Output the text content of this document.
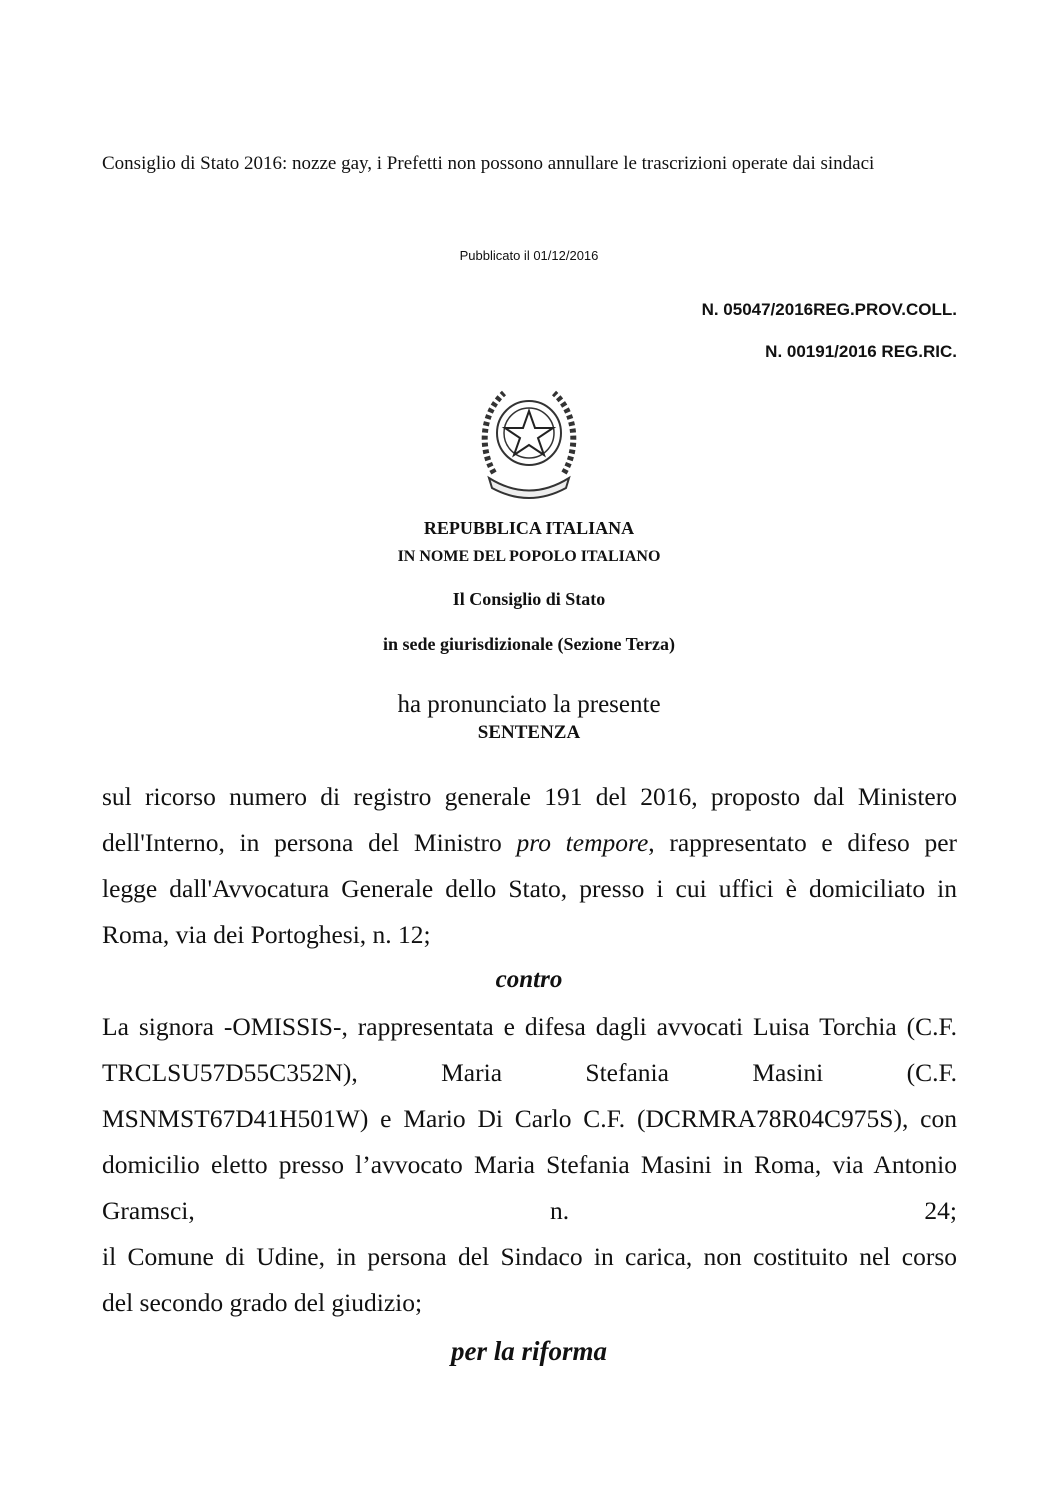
Consiglio di Stato 2016: nozze gay, i Prefetti non possono annullare le trascrizioni operate dai sindaci
Pubblicato il 01/12/2016
N. 05047/2016REG.PROV.COLL.
N. 00191/2016 REG.RIC.
REPUBBLICA ITALIANA
IN NOME DEL POPOLO ITALIANO
Il Consiglio di Stato
in sede giurisdizionale (Sezione Terza)
ha pronunciato la presente
SENTENZA
sul ricorso numero di registro generale 191 del 2016, proposto dal Ministero
dell'Interno, in persona del Ministro pro tempore, rappresentato e difeso per
legge dall'Avvocatura Generale dello Stato, presso i cui uffici è domiciliato in
Roma, via dei Portoghesi, n. 12;
contro
La signora -OMISSIS-, rappresentata e difesa dagli avvocati Luisa Torchia (C.F.
TRCLSU57D55C352N), Maria Stefania Masini (C.F.
MSNMST67D41H501W) e Mario Di Carlo C.F. (DCRMRA78R04C975S), con
domicilio eletto presso l’avvocato Maria Stefania Masini in Roma, via Antonio
Gramsci, n. 24;
il Comune di Udine, in persona del Sindaco in carica, non costituito nel corso
del secondo grado del giudizio;
per la riforma
